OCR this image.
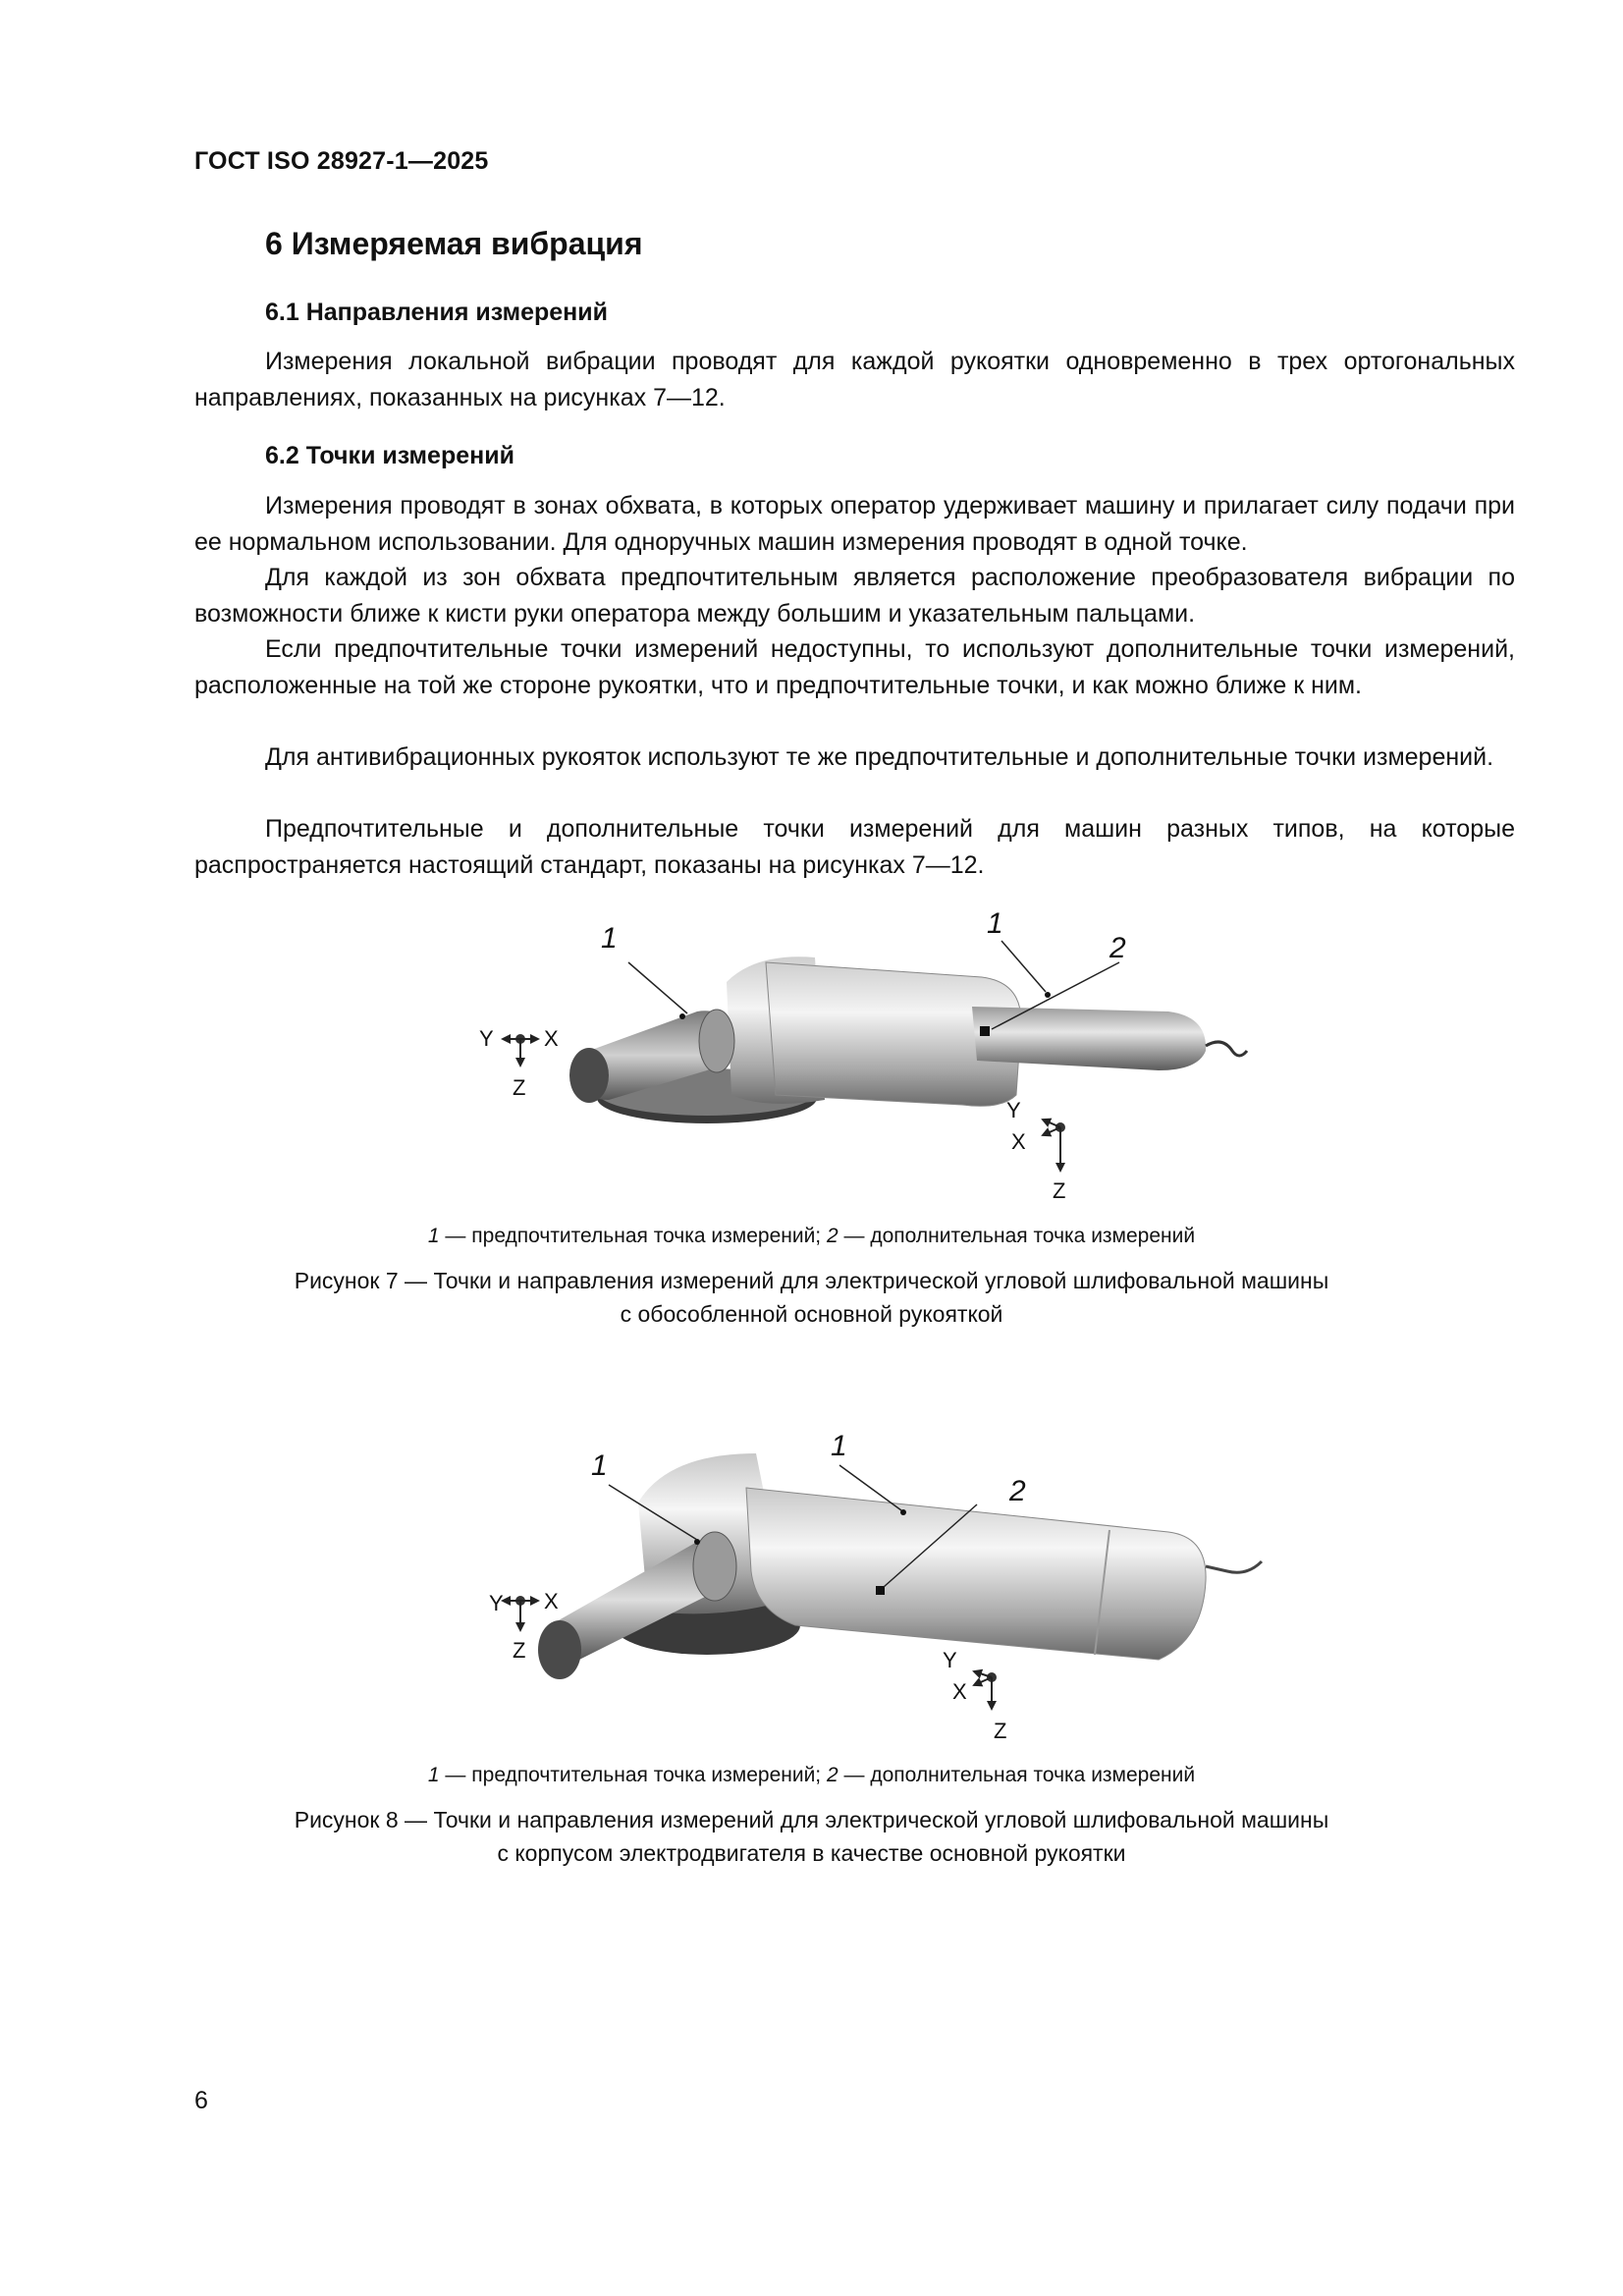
ГОСТ ISO 28927-1—2025
6 Измеряемая вибрация
6.1 Направления измерений

Измерения локальной вибрации проводят для каждой рукоятки одновременно в трех ортогональных направлениях, показанных на рисунках 7—12.

6.2 Точки измерений

Измерения проводят в зонах обхвата, в которых оператор удерживает машину и прилагает силу подачи при ее нормальном использовании. Для одноручных машин измерения проводят в одной точке.

Для каждой из зон обхвата предпочтительным является расположение преобразователя вибрации по возможности ближе к кисти руки оператора между большим и указательным пальцами.

Если предпочтительные точки измерений недоступны, то используют дополнительные точки измерений, расположенные на той же стороне рукоятки, что и предпочтительные точки, и как можно ближе к ним.

Для антивибрационных рукояток используют те же предпочтительные и дополнительные точки измерений.

Предпочтительные и дополнительные точки измерений для машин разных типов, на которые распространяется настоящий стандарт, показаны на рисунках 7—12.

1	1
2
Y X
Z
Y
X
Z
1 — предпочтительная точка измерений; 2 — дополнительная точка измерений
Рисунок 7 — Точки и направления измерений для электрической угловой шлифовальной машины
с обособленной основной рукояткой
1
1
2
Y X
Z	Y
X
Z
1 — предпочтительная точка измерений; 2 — дополнительная точка измерений
Рисунок 8 — Точки и направления измерений для электрической угловой шлифовальной машины
с корпусом электродвигателя в качестве основной рукоятки
6
